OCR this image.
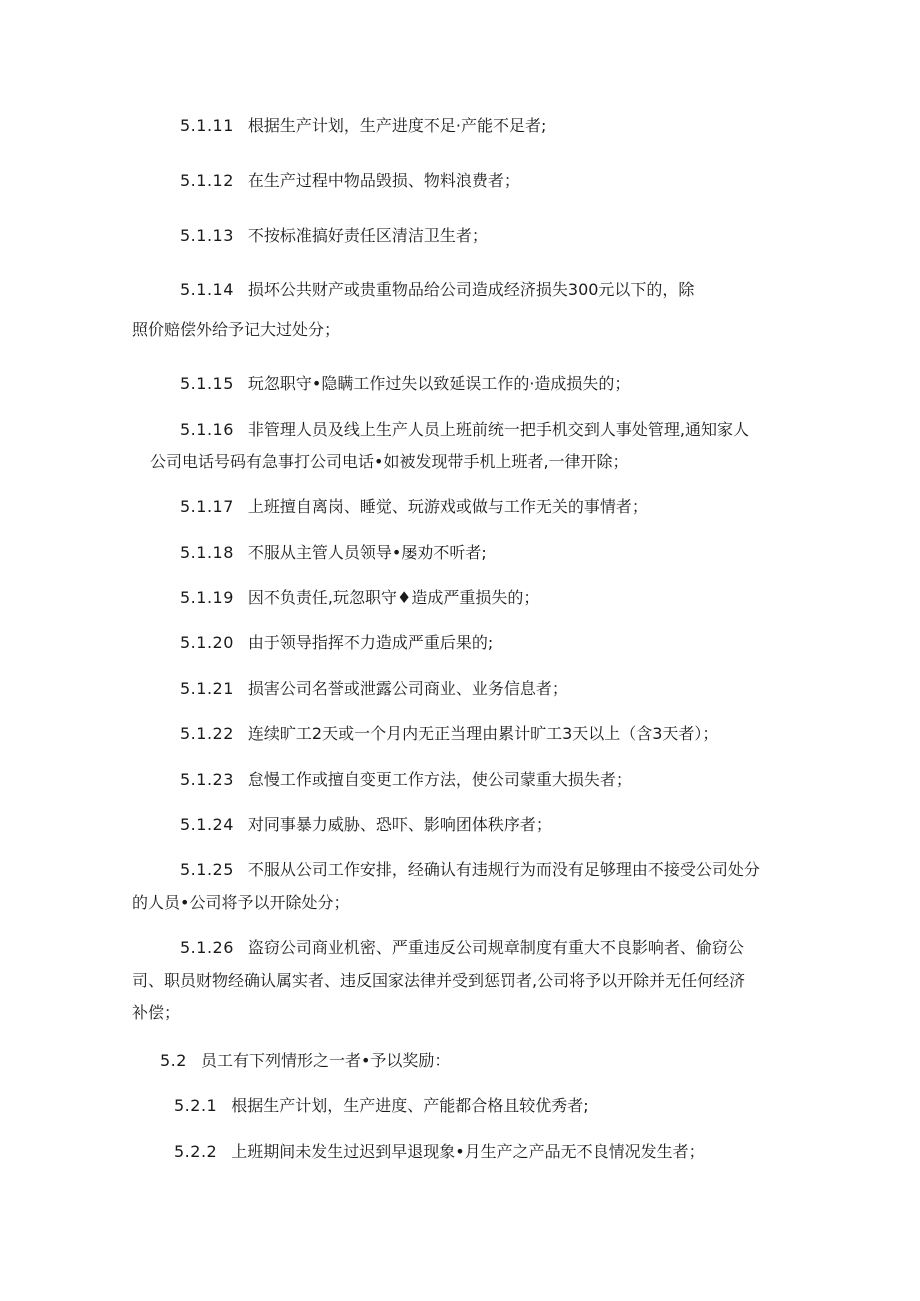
5.1.11 根据生产计划，生产进度不足·产能不足者;
5.1.12 在生产过程中物品毁损、物料浪费者；
5.1.13 不按标准搞好责任区清洁卫生者；
5.1.14 损坏公共财产或贵重物品给公司造成经济损失300元以下的，除
照价赔偿外给予记大过处分；
5.1.15 玩忽职守•隐瞒工作过失以致延误工作的·造成损失的；
5.1.16 非管理人员及线上生产人员上班前统一把手机交到人事处管理,通知家人
公司电话号码有急事打公司电话•如被发现带手机上班者,一律开除；
5.1.17 上班擅自离岗、睡觉、玩游戏或做与工作无关的事情者；
5.1.18 不服从主管人员领导•屡劝不听者;
5.1.19 因不负责任,玩忽职守♦造成严重损失的；
5.1.20 由于领导指挥不力造成严重后果的;
5.1.21 损害公司名誉或泄露公司商业、业务信息者；
5.1.22 连续旷工2天或一个月内无正当理由累计旷工3天以上（含3天者）；
5.1.23 怠慢工作或擅自变更工作方法，使公司蒙重大损失者；
5.1.24 对同事暴力威胁、恐吓、影响团体秩序者；
5.1.25 不服从公司工作安排，经确认有违规行为而没有足够理由不接受公司处分
的人员•公司将予以开除处分；
5.1.26 盗窃公司商业机密、严重违反公司规章制度有重大不良影响者、偷窃公
司、职员财物经确认属实者、违反国家法律并受到惩罚者,公司将予以开除并无任何经济
补偿；
5.2 员工有下列情形之一者•予以奖励：
5.2.1 根据生产计划，生产进度、产能都合格且较优秀者;
5.2.2 上班期间未发生过迟到早退现象•月生产之产品无不良情况发生者；
